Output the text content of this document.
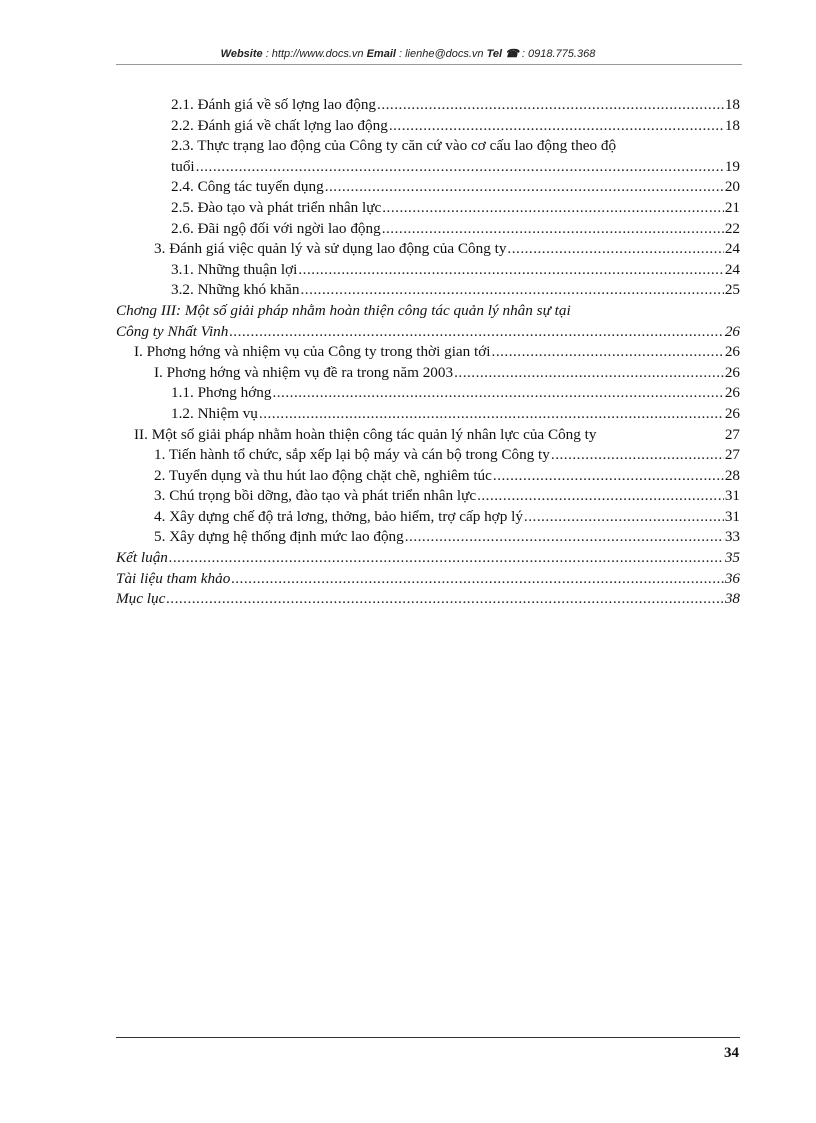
Website : http://www.docs.vn Email : lienhe@docs.vn Tel ☎ : 0918.775.368
2.1. Đánh giá về số lợng lao động .....	18
2.2. Đánh giá về chất lợng lao động .....	18
2.3. Thực trạng lao động của Công ty căn cứ vào cơ cấu lao động theo độ
tuổi .....	19
2.4. Công tác tuyển dụng .....	20
2.5. Đào tạo và phát triển nhân lực .....	21
2.6. Đãi ngộ đối với ngời lao động .....	22
3. Đánh giá việc quản lý và sử dụng lao động của Công ty .....	24
3.1. Những thuận lợi .....	24
3.2. Những khó khăn .....	25
Chơng III: Một số giải pháp nhằm hoàn thiện công tác quản lý nhân sự tại
Công ty Nhất Vinh .....	26
I. Phơng hớng và nhiệm vụ của Công ty trong thời gian tới .....	26
I. Phơng hớng và nhiệm vụ đề ra trong năm 2003 .....	26
1.1. Phơng hớng .....	26
1.2. Nhiệm vụ .....	26
II. Một số giải pháp nhằm hoàn thiện công tác quản lý nhân lực của Công ty	27
1. Tiến hành tổ chức, sắp xếp lại bộ máy và cán bộ trong Công ty .....	27
2. Tuyển dụng và thu hút lao động chặt chẽ, nghiêm túc .....	28
3. Chú trọng bồi dỡng, đào tạo và phát triển nhân lực .....	31
4. Xây dựng chế độ trả lơng, thởng, bảo hiểm, trợ cấp hợp lý .....	31
5. Xây dựng hệ thống định mức lao động .....	33
Kết luận .....	35
Tài liệu tham khảo .....	36
Mục lục .....	38
34
